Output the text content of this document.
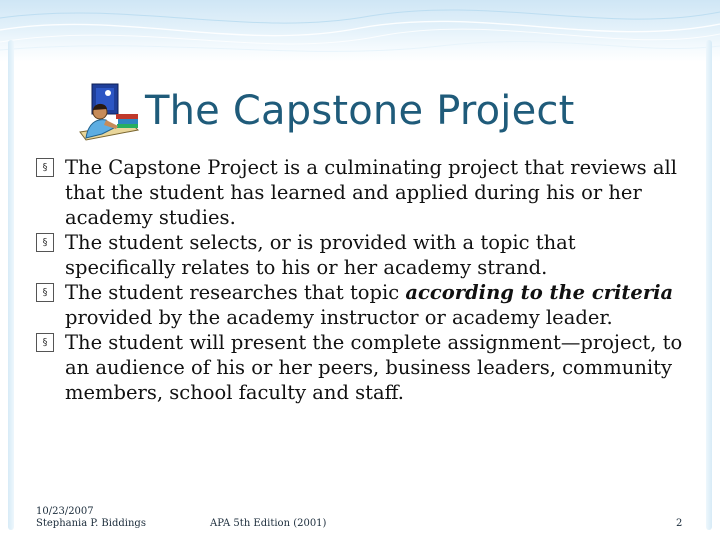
The Capstone Project

§ The Capstone Project is a culminating project that reviews all that the student has learned and applied during his or her academy studies.

§ The student selects, or is provided with a topic that specifically relates to his or her academy strand.

§ The student researches that topic according to the criteria provided by the academy instructor or academy leader.

§ The student will present the complete assignment—project, to an audience of his or her peers, business leaders, community members, school faculty and staff.

10/23/2007
Stephania P. Biddings	APA 5th Edition (2001)	2
